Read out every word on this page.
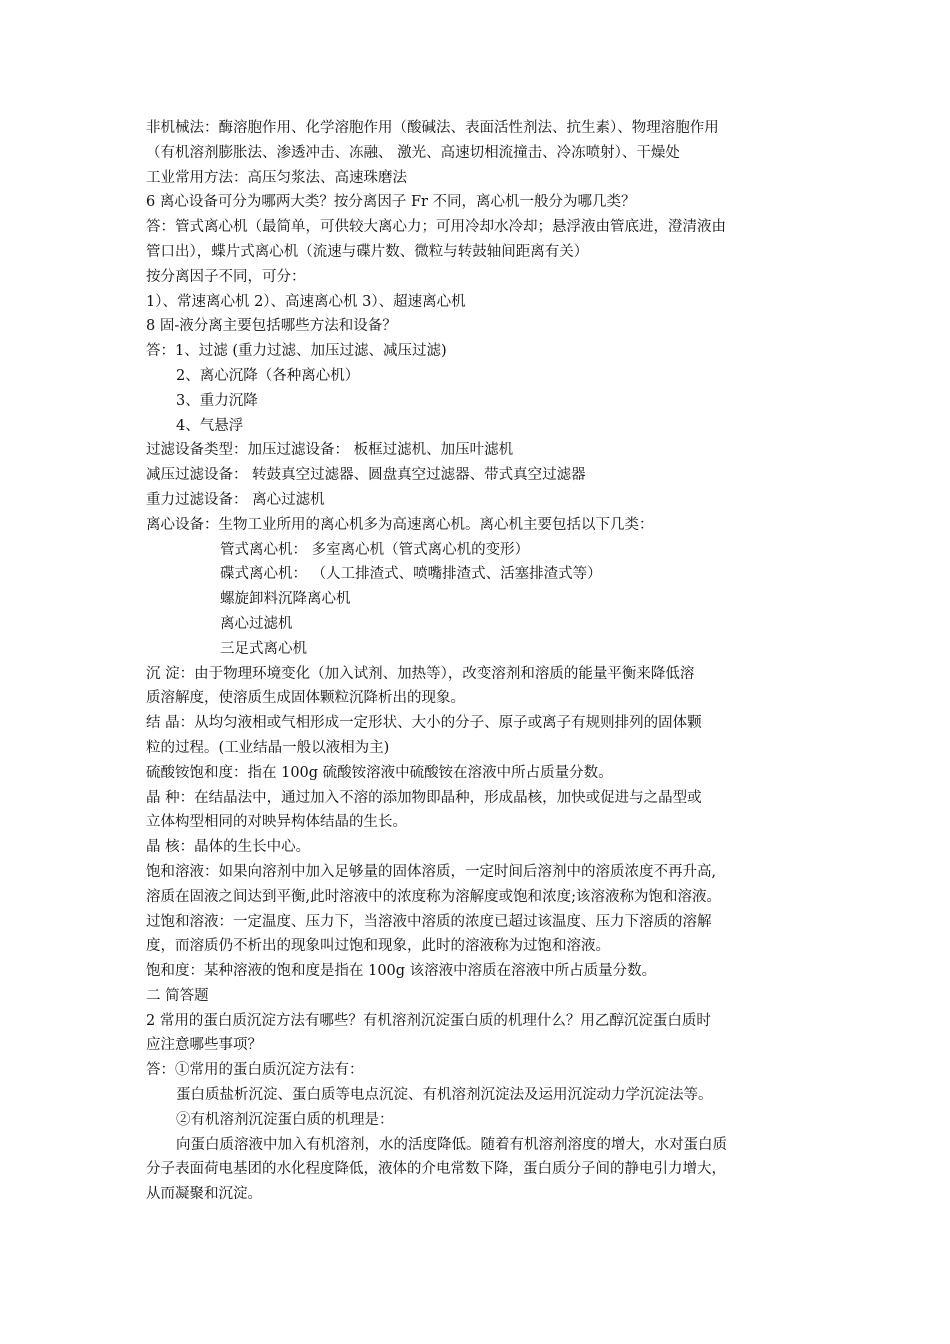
非机械法：酶溶胞作用、化学溶胞作用（酸碱法、表面活性剂法、抗生素）、物理溶胞作用
（有机溶剂膨胀法、渗透冲击、冻融、 激光、高速切相流撞击、冷冻喷射）、干燥处
工业常用方法：高压匀浆法、高速珠磨法
6 离心设备可分为哪两大类？按分离因子 Fr 不同，离心机一般分为哪几类？
答：管式离心机（最简单，可供较大离心力；可用冷却水冷却；悬浮液由管底进，澄清液由
管口出），蝶片式离心机（流速与碟片数、微粒与转鼓轴间距离有关）
按分离因子不同，可分：
1）、常速离心机 2）、高速离心机 3）、超速离心机
8 固-液分离主要包括哪些方法和设备？
答：1、过滤 (重力过滤、加压过滤、减压过滤)
2、离心沉降（各种离心机）
3、重力沉降
4、气悬浮
过滤设备类型：加压过滤设备： 板框过滤机、加压叶滤机
减压过滤设备： 转鼓真空过滤器、圆盘真空过滤器、带式真空过滤器
重力过滤设备： 离心过滤机
离心设备：生物工业所用的离心机多为高速离心机。离心机主要包括以下几类：
管式离心机： 多室离心机（管式离心机的变形）
碟式离心机： （人工排渣式、喷嘴排渣式、活塞排渣式等）
螺旋卸料沉降离心机
离心过滤机
三足式离心机
沉 淀：由于物理环境变化（加入试剂、加热等），改变溶剂和溶质的能量平衡来降低溶
质溶解度，使溶质生成固体颗粒沉降析出的现象。
结 晶：从均匀液相或气相形成一定形状、大小的分子、原子或离子有规则排列的固体颗
粒的过程。(工业结晶一般以液相为主)
硫酸铵饱和度：指在 100g 硫酸铵溶液中硫酸铵在溶液中所占质量分数。
晶 种：在结晶法中，通过加入不溶的添加物即晶种，形成晶核，加快或促进与之晶型或
立体构型相同的对映异构体结晶的生长。
晶 核：晶体的生长中心。
饱和溶液：如果向溶剂中加入足够量的固体溶质，一定时间后溶剂中的溶质浓度不再升高,
溶质在固液之间达到平衡,此时溶液中的浓度称为溶解度或饱和浓度;该溶液称为饱和溶液。
过饱和溶液：一定温度、压力下，当溶液中溶质的浓度已超过该温度、压力下溶质的溶解
度，而溶质仍不析出的现象叫过饱和现象，此时的溶液称为过饱和溶液。
饱和度：某种溶液的饱和度是指在 100g 该溶液中溶质在溶液中所占质量分数。
二 简答题
2 常用的蛋白质沉淀方法有哪些？有机溶剂沉淀蛋白质的机理什么？用乙醇沉淀蛋白质时
应注意哪些事项？
答：①常用的蛋白质沉淀方法有：
蛋白质盐析沉淀、蛋白质等电点沉淀、有机溶剂沉淀法及运用沉淀动力学沉淀法等。
②有机溶剂沉淀蛋白质的机理是：
向蛋白质溶液中加入有机溶剂，水的活度降低。随着有机溶剂溶度的增大，水对蛋白质
分子表面荷电基团的水化程度降低，液体的介电常数下降，蛋白质分子间的静电引力增大，
从而凝聚和沉淀。
